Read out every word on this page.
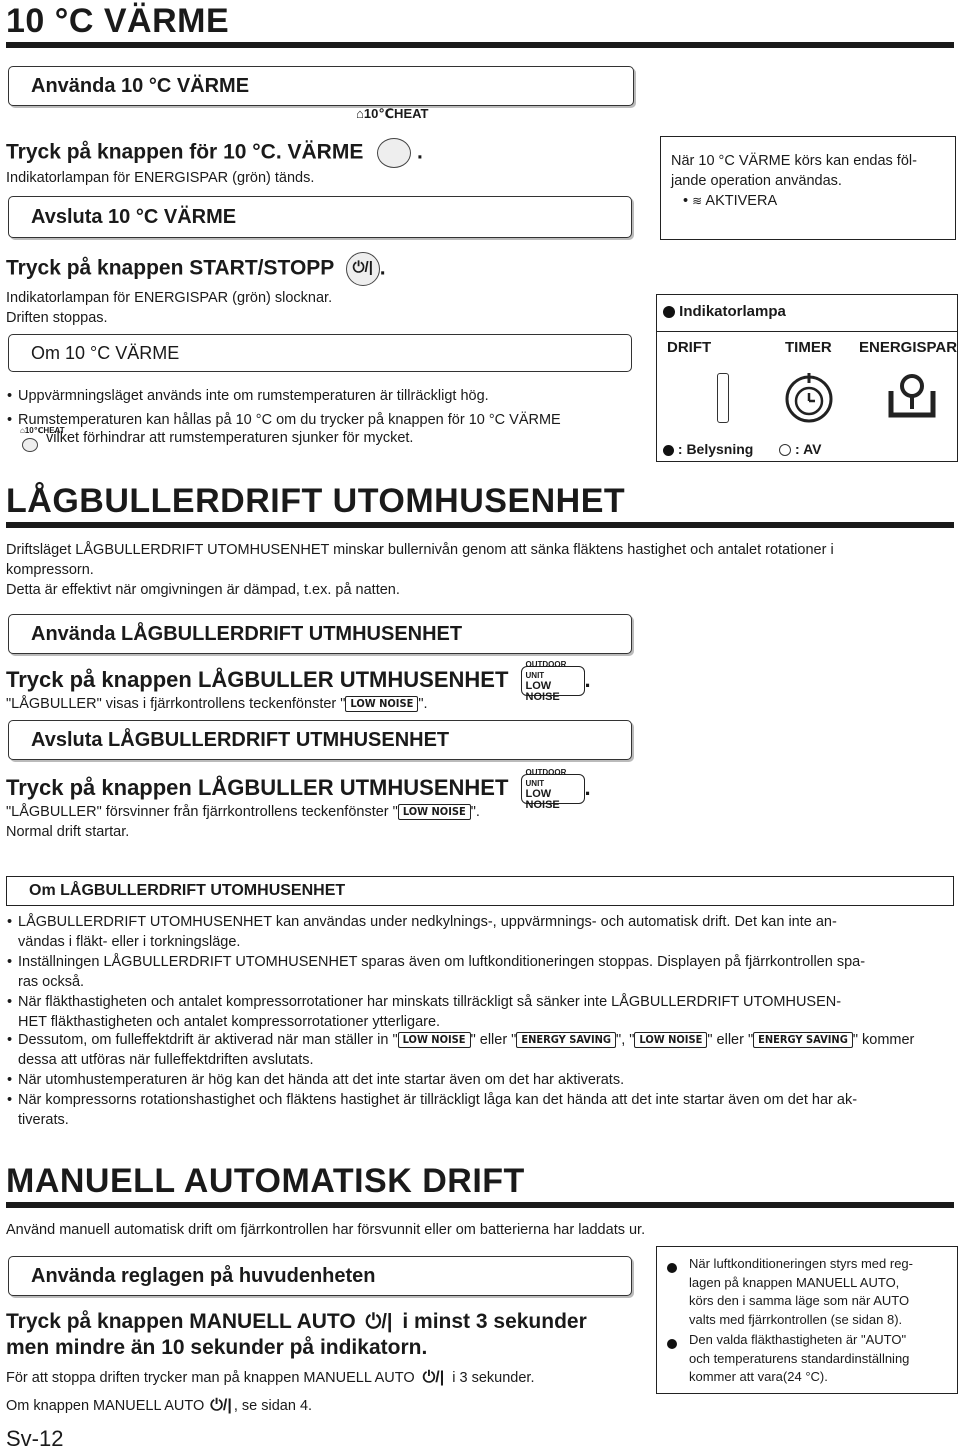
10 °C VÄRME
Använda 10 °C VÄRME
⌂10℃HEAT
Tryck på knappen för 10 °C. VÄRME  .
Indikatorlampan för ENERGISPAR (grön) tänds.
Avsluta 10 °C VÄRME
Tryck på knappen START/STOPP ⏻/| .
Indikatorlampan för ENERGISPAR (grön) slocknar.
Driften stoppas.
Om 10 °C VÄRME
• Uppvärmningsläget används inte om rumstemperaturen är tillräckligt hög.
• Rumstemperaturen kan hållas på 10 °C om du trycker på knappen för 10 °C VÄRME
⌂10℃HEAT
vilket förhindrar att rumstemperaturen sjunker för mycket.
När 10 °C VÄRME körs kan endas föl-
jande operation användas.
• ≋ AKTIVERA
Indikatorlampa
DRIFT	TIMER ENERGISPAR
: Belysning	: AV
LÅGBULLERDRIFT UTOMHUSENHET
Driftsläget LÅGBULLERDRIFT UTOMHUSENHET minskar bullernivån genom att sänka fläktens hastighet och antalet rotationer i
kompressorn.
Detta är effektivt när omgivningen är dämpad, t.ex. på natten.
Använda LÅGBULLERDRIFT UTMHUSENHET
Tryck på knappen LÅGBULLER UTMHUSENHET
OUTDOOR UNIT
LOW NOISE
.
"LÅGBULLER" visas i fjärrkontrollens teckenfönster " LOW NOISE ".
Avsluta LÅGBULLERDRIFT UTMHUSENHET
Tryck på knappen LÅGBULLER UTMHUSENHET
OUTDOOR UNIT
LOW NOISE
.
"LÅGBULLER" försvinner från fjärrkontrollens teckenfönster " LOW NOISE ".
Normal drift startar.
Om LÅGBULLERDRIFT UTOMHUSENHET
• LÅGBULLERDRIFT UTOMHUSENHET kan användas under nedkylnings-, uppvärmnings- och automatisk drift. Det kan inte an-
vändas i fläkt- eller i torkningsläge.
• Inställningen LÅGBULLERDRIFT UTOMHUSENHET sparas även om luftkonditioneringen stoppas. Displayen på fjärrkontrollen spa-
ras också.
• När fläkthastigheten och antalet kompressorrotationer har minskats tillräckligt så sänker inte LÅGBULLERDRIFT UTOMHUSEN-
HET fläkthastigheten och antalet kompressorrotationer ytterligare.
• Dessutom, om fulleffektdrift är aktiverad när man ställer in " LOW NOISE " eller " ENERGY SAVING ", " LOW NOISE " eller " ENERGY SAVING " kommer
dessa att utföras när fulleffektdriften avslutats.
• När utomhustemperaturen är hög kan det hända att det inte startar även om det har aktiverats.
• När kompressorns rotationshastighet och fläktens hastighet är tillräckligt låga kan det hända att det inte startar även om det har ak-
tiverats.
MANUELL AUTOMATISK DRIFT
Använd manuell automatisk drift om fjärrkontrollen har försvunnit eller om batterierna har laddats ur.
Använda reglagen på huvudenheten
Tryck på knappen MANUELL AUTO ⏻/| i minst 3 sekunder
men mindre än 10 sekunder på indikatorn.
För att stoppa driften trycker man på knappen MANUELL AUTO ⏻/| i 3 sekunder.
Om knappen MANUELL AUTO ⏻/| , se sidan 4.
När luftkonditioneringen styrs med reg-
lagen på knappen MANUELL AUTO,
körs den i samma läge som när AUTO
valts med fjärrkontrollen (se sidan 8).
Den valda fläkthastigheten är "AUTO"
och temperaturens standardinställning
kommer att vara(24 °C).
Sv-12
